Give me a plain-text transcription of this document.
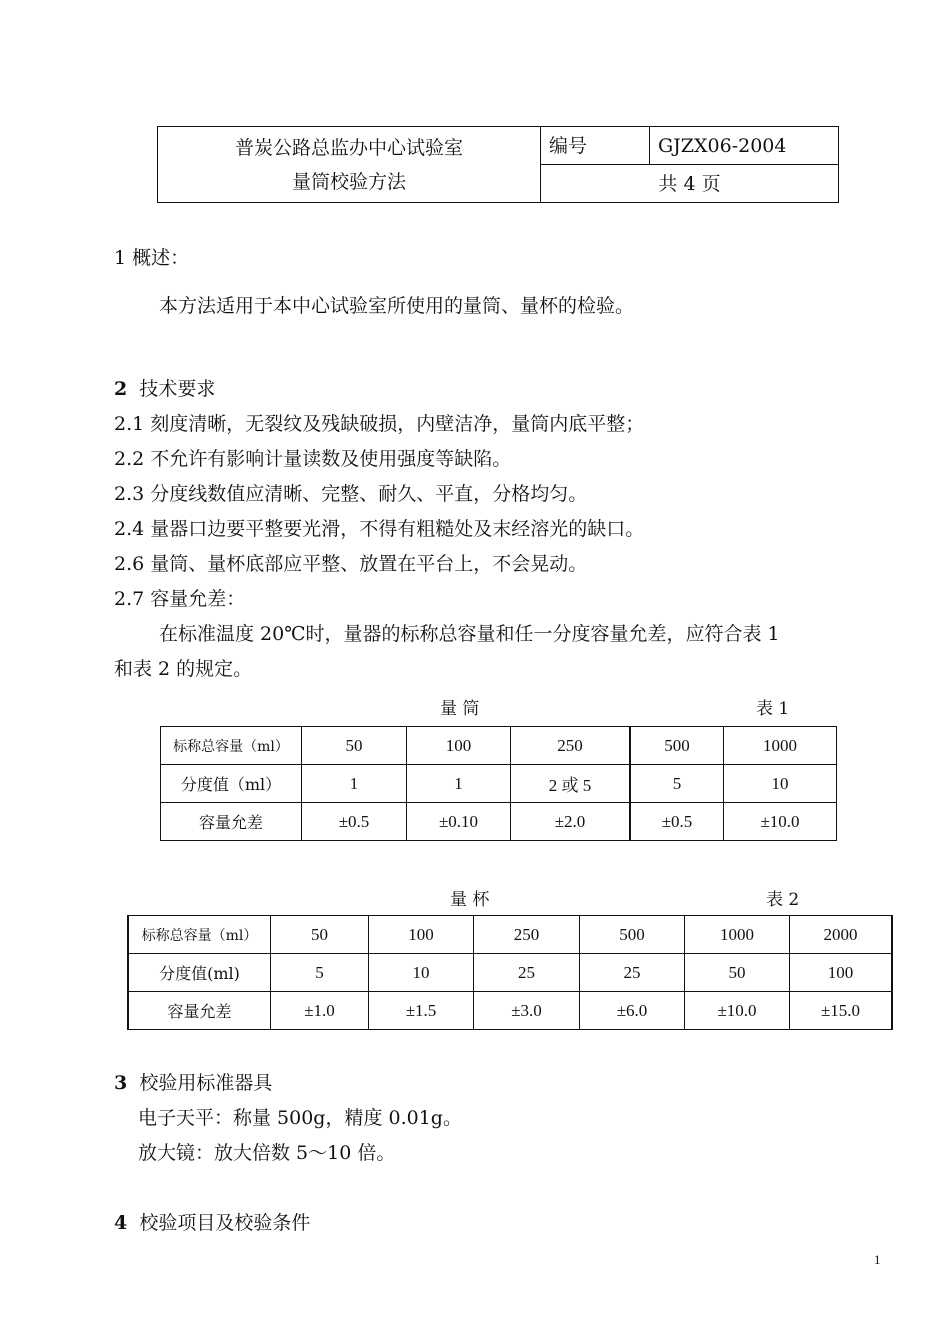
普炭公路总监办中心试验室
量筒校验方法
	编号	GJZX06-2004
共 4 页
1 概述：
本方法适用于本中心试验室所使用的量筒、量杯的检验。
2 技术要求
2.1 刻度清晰，无裂纹及残缺破损，内壁洁净，量筒内底平整；
2.2 不允许有影响计量读数及使用强度等缺陷。
2.3 分度线数值应清晰、完整、耐久、平直，分格均匀。
2.4 量器口边要平整要光滑，不得有粗糙处及末经溶光的缺口。
2.6 量筒、量杯底部应平整、放置在平台上，不会晃动。
2.7 容量允差：
在标准温度 20℃时，量器的标称总容量和任一分度容量允差，应符合表 1
和表 2 的规定。
量 筒	表 1
标称总容量（ml）	50	100	250	500	1000
分度值（ml）	1	1	2 或 5	5	10
容量允差	±0.5	±0.10	±2.0	±0.5	±10.0
量 杯	表 2
标称总容量（ml）	50	100	250	500	1000	2000
分度值(ml)	5	10	25	25	50	100
容量允差	±1.0	±1.5	±3.0	±6.0	±10.0	±15.0
3 校验用标准器具
电子天平：称量 500g，精度 0.01g。
放大镜：放大倍数 5～10 倍。
4 校验项目及校验条件
1
